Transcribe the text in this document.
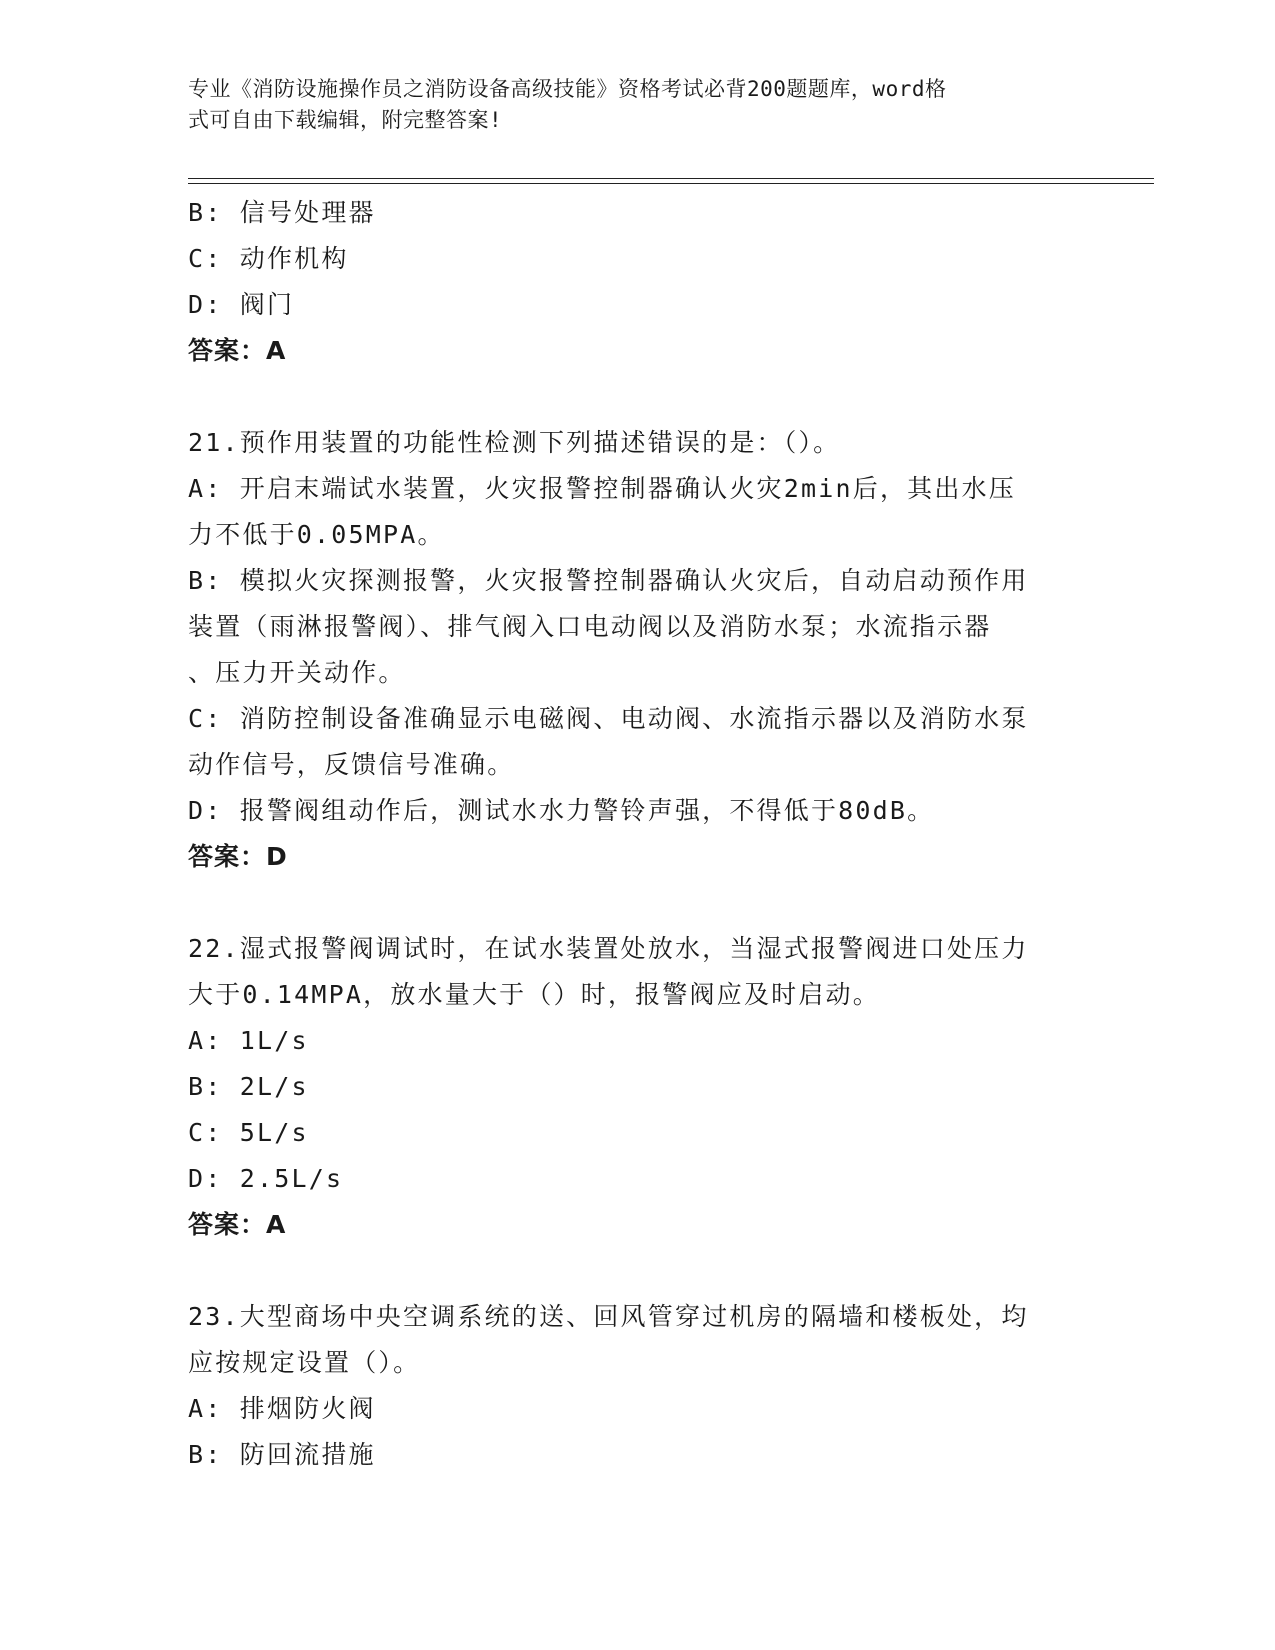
专业《消防设施操作员之消防设备高级技能》资格考试必背200题题库，word格
式可自由下载编辑，附完整答案!
B: 信号处理器
C: 动作机构
D: 阀门
答案：A
21.预作用装置的功能性检测下列描述错误的是：（）。
A: 开启末端试水装置，火灾报警控制器确认火灾2min后，其出水压
力不低于0.05MPA。
B: 模拟火灾探测报警，火灾报警控制器确认火灾后，自动启动预作用
装置（雨淋报警阀）、排气阀入口电动阀以及消防水泵；水流指示器
、压力开关动作。
C: 消防控制设备准确显示电磁阀、电动阀、水流指示器以及消防水泵
动作信号，反馈信号准确。
D: 报警阀组动作后，测试水水力警铃声强，不得低于80dB。
答案：D
22.湿式报警阀调试时，在试水装置处放水，当湿式报警阀进口处压力
大于0.14MPA，放水量大于（）时，报警阀应及时启动。
A: 1L/s
B: 2L/s
C: 5L/s
D: 2.5L/s
答案：A
23.大型商场中央空调系统的送、回风管穿过机房的隔墙和楼板处，均
应按规定设置（）。
A: 排烟防火阀
B: 防回流措施
